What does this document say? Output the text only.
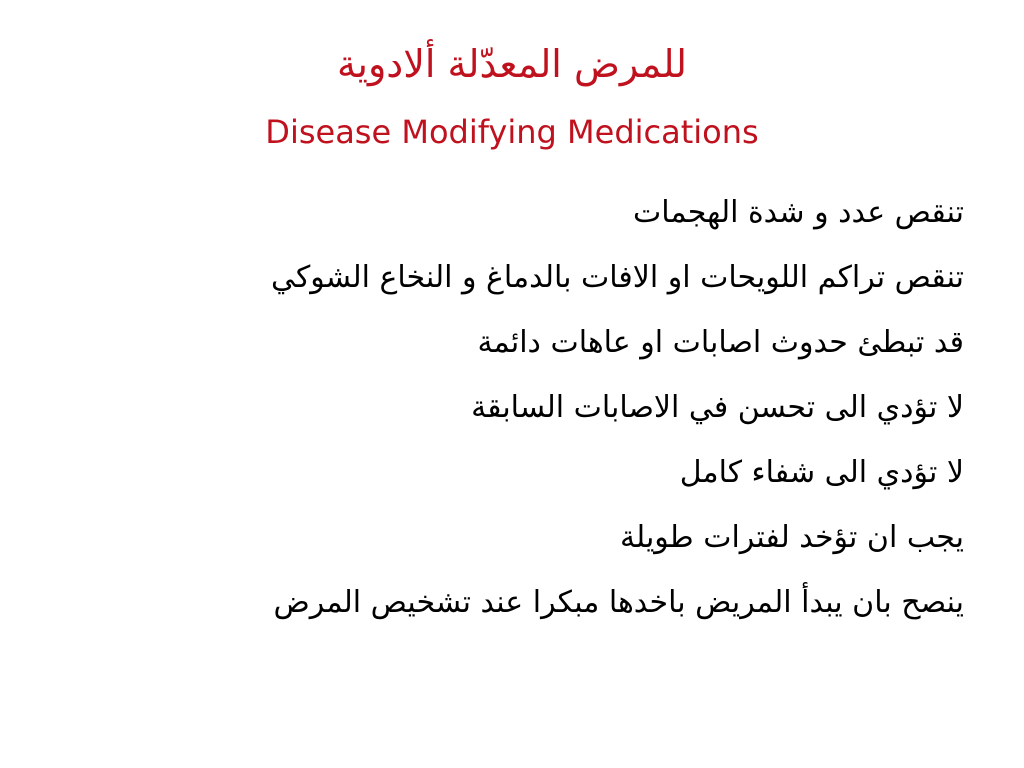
للمرض المعدّلة ألادوية
Disease Modifying Medications
تنقص عدد و شدة الهجمات
تنقص تراكم اللويحات او الافات بالدماغ و النخاع الشوكي
قد تبطئ حدوث اصابات او عاهات دائمة
لا تؤدي الى تحسن في الاصابات السابقة
لا تؤدي الى شفاء كامل
يجب ان تؤخد لفترات طويلة
ينصح بان يبدأ المريض باخدها مبكرا عند تشخيص المرض
